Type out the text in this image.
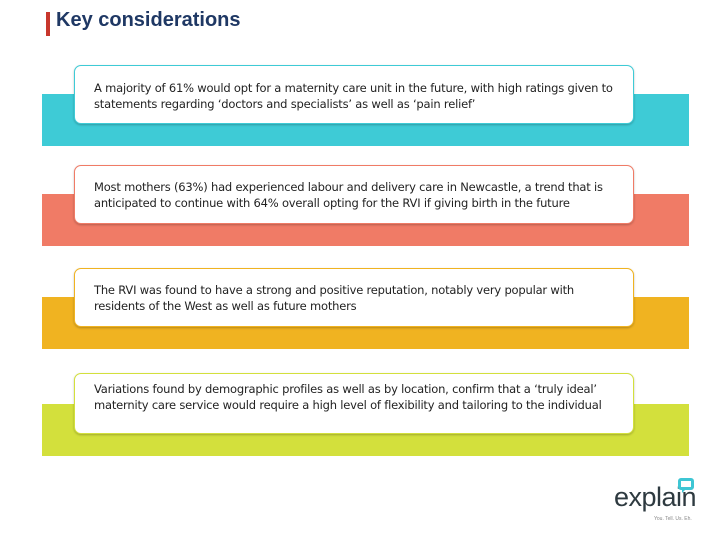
Key considerations
A majority of 61% would opt for a maternity care unit in the future, with high ratings given to statements regarding ‘doctors and specialists’ as well as ‘pain relief’
Most mothers (63%) had experienced labour and delivery care in Newcastle, a trend that is anticipated to continue with 64% overall opting for the RVI if giving birth in the future
The RVI was found to have a strong and positive reputation, notably very popular with residents of the West as well as future mothers
Variations found by demographic profiles as well as by location, confirm that a ‘truly ideal’ maternity care service would require a high level of flexibility and tailoring to the individual
explain
You. Tell. Us. Eh.
